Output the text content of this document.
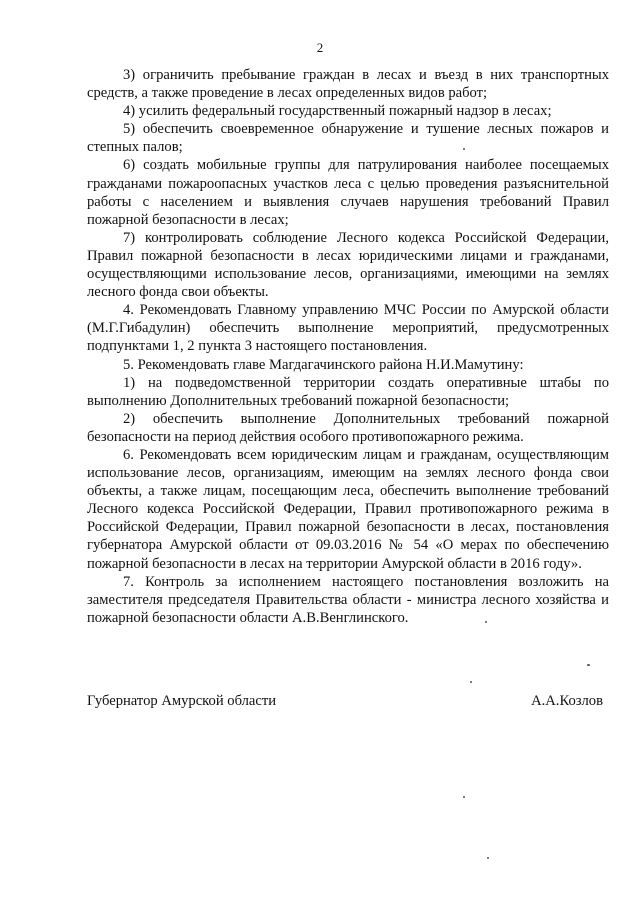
2

3) ограничить пребывание граждан в лесах и въезд в них транспортных средств, а также проведение в лесах определенных видов работ;

4) усилить федеральный государственный пожарный надзор в лесах;

5) обеспечить своевременное обнаружение и тушение лесных пожаров и степных палов;

6) создать мобильные группы для патрулирования наиболее посещаемых гражданами пожароопасных участков леса с целью проведения разъяснительной работы с населением и выявления случаев нарушения требований Правил пожарной безопасности в лесах;

7) контролировать соблюдение Лесного кодекса Российской Федерации, Правил пожарной безопасности в лесах юридическими лицами и гражданами, осуществляющими использование лесов, организациями, имеющими на землях лесного фонда свои объекты.

4. Рекомендовать Главному управлению МЧС России по Амурской области (М.Г.Гибадулин) обеспечить выполнение мероприятий, предусмотренных подпунктами 1, 2 пункта 3 настоящего постановления.

5. Рекомендовать главе Магдагачинского района Н.И.Мамутину:

1) на подведомственной территории создать оперативные штабы по выполнению Дополнительных требований пожарной безопасности;

2) обеспечить выполнение Дополнительных требований пожарной безопасности на период действия особого противопожарного режима.

6. Рекомендовать всем юридическим лицам и гражданам, осуществляющим использование лесов, организациям, имеющим на землях лесного фонда свои объекты, а также лицам, посещающим леса, обеспечить выполнение требований Лесного кодекса Российской Федерации, Правил противопожарного режима в Российской Федерации, Правил пожарной безопасности в лесах, постановления губернатора Амурской области от 09.03.2016 № 54 «О мерах по обеспечению пожарной безопасности в лесах на территории Амурской области в 2016 году».

7. Контроль за исполнением настоящего постановления возложить на заместителя председателя Правительства области - министра лесного хозяйства и пожарной безопасности области А.В.Венглинского.

Губернатор Амурской области	А.А.Козлов
